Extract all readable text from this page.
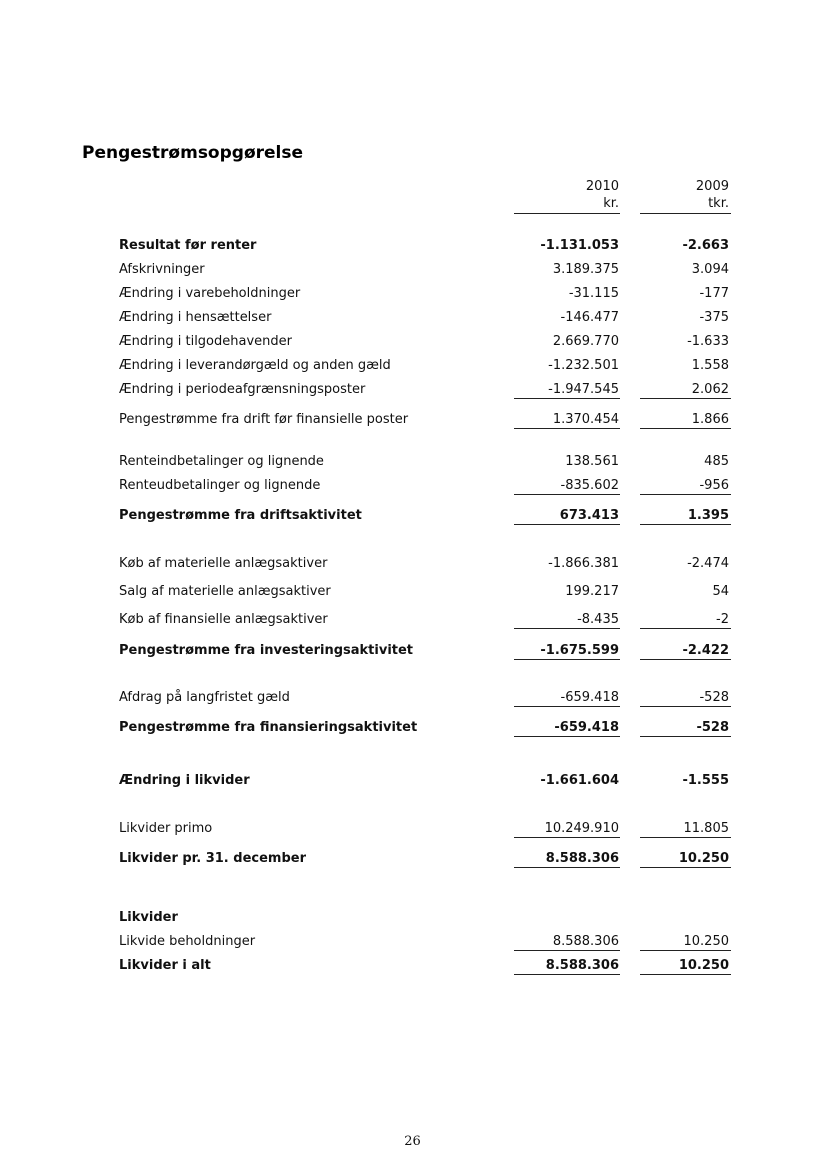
Pengestrømsopgørelse
2010
kr.
2009
tkr.
Resultat før renter	-1.131.053	-2.663
Afskrivninger	3.189.375	3.094
Ændring i varebeholdninger	-31.115	-177
Ændring i hensættelser	-146.477	-375
Ændring i tilgodehavender	2.669.770	-1.633
Ændring i leverandørgæld og anden gæld	-1.232.501	1.558
Ændring i periodeafgrænsningsposter	-1.947.545	2.062
Pengestrømme fra drift før finansielle poster	1.370.454	1.866
Renteindbetalinger og lignende	138.561	485
Renteudbetalinger og lignende	-835.602	-956
Pengestrømme fra driftsaktivitet	673.413	1.395
Køb af materielle anlægsaktiver	-1.866.381	-2.474
Salg af materielle anlægsaktiver	199.217	54
Køb af finansielle anlægsaktiver	-8.435	-2
Pengestrømme fra investeringsaktivitet	-1.675.599	-2.422
Afdrag på langfristet gæld	-659.418	-528
Pengestrømme fra finansieringsaktivitet	-659.418	-528
Ændring i likvider	-1.661.604	-1.555
Likvider primo	10.249.910	11.805
Likvider pr. 31. december	8.588.306	10.250
Likvider
Likvide beholdninger	8.588.306	10.250
Likvider i alt	8.588.306	10.250
26
